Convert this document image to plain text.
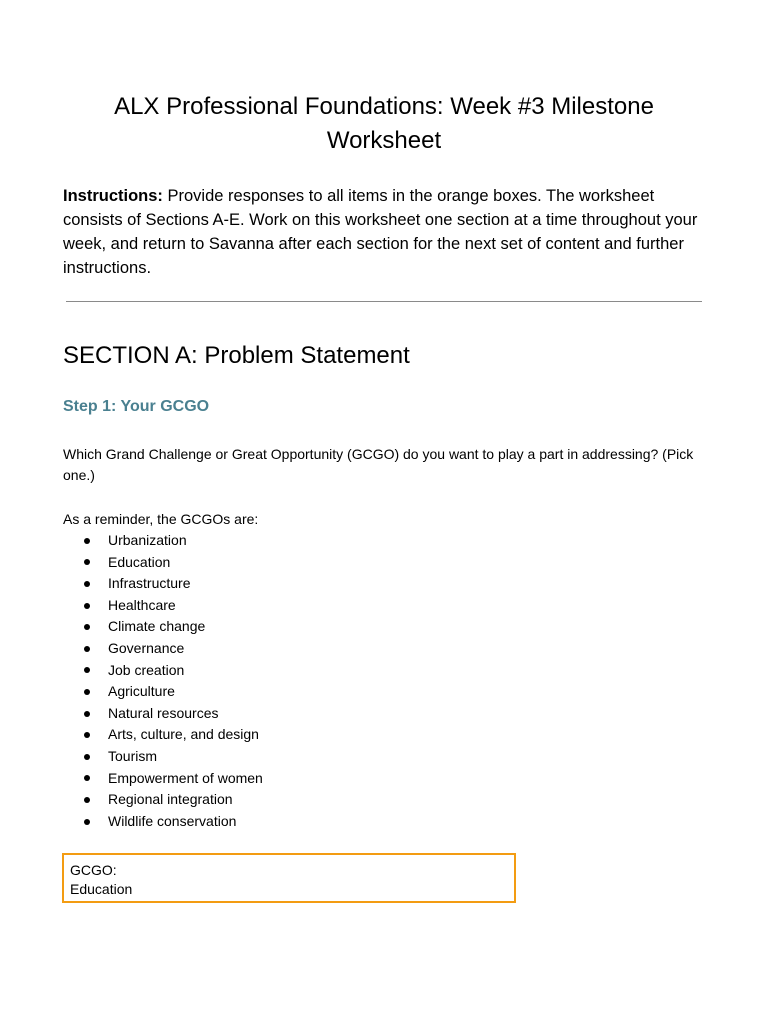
ALX Professional Foundations: Week #3 Milestone Worksheet

Instructions: Provide responses to all items in the orange boxes. The worksheet consists of Sections A-E. Work on this worksheet one section at a time throughout your week, and return to Savanna after each section for the next set of content and further instructions.

SECTION A: Problem Statement
Step 1: Your GCGO

Which Grand Challenge or Great Opportunity (GCGO) do you want to play a part in addressing? (Pick one.)

As a reminder, the GCGOs are:

Urbanization
Education
Infrastructure
Healthcare
Climate change
Governance
Job creation
Agriculture
Natural resources
Arts, culture, and design
Tourism
Empowerment of women
Regional integration
Wildlife conservation
GCGO:
Education
